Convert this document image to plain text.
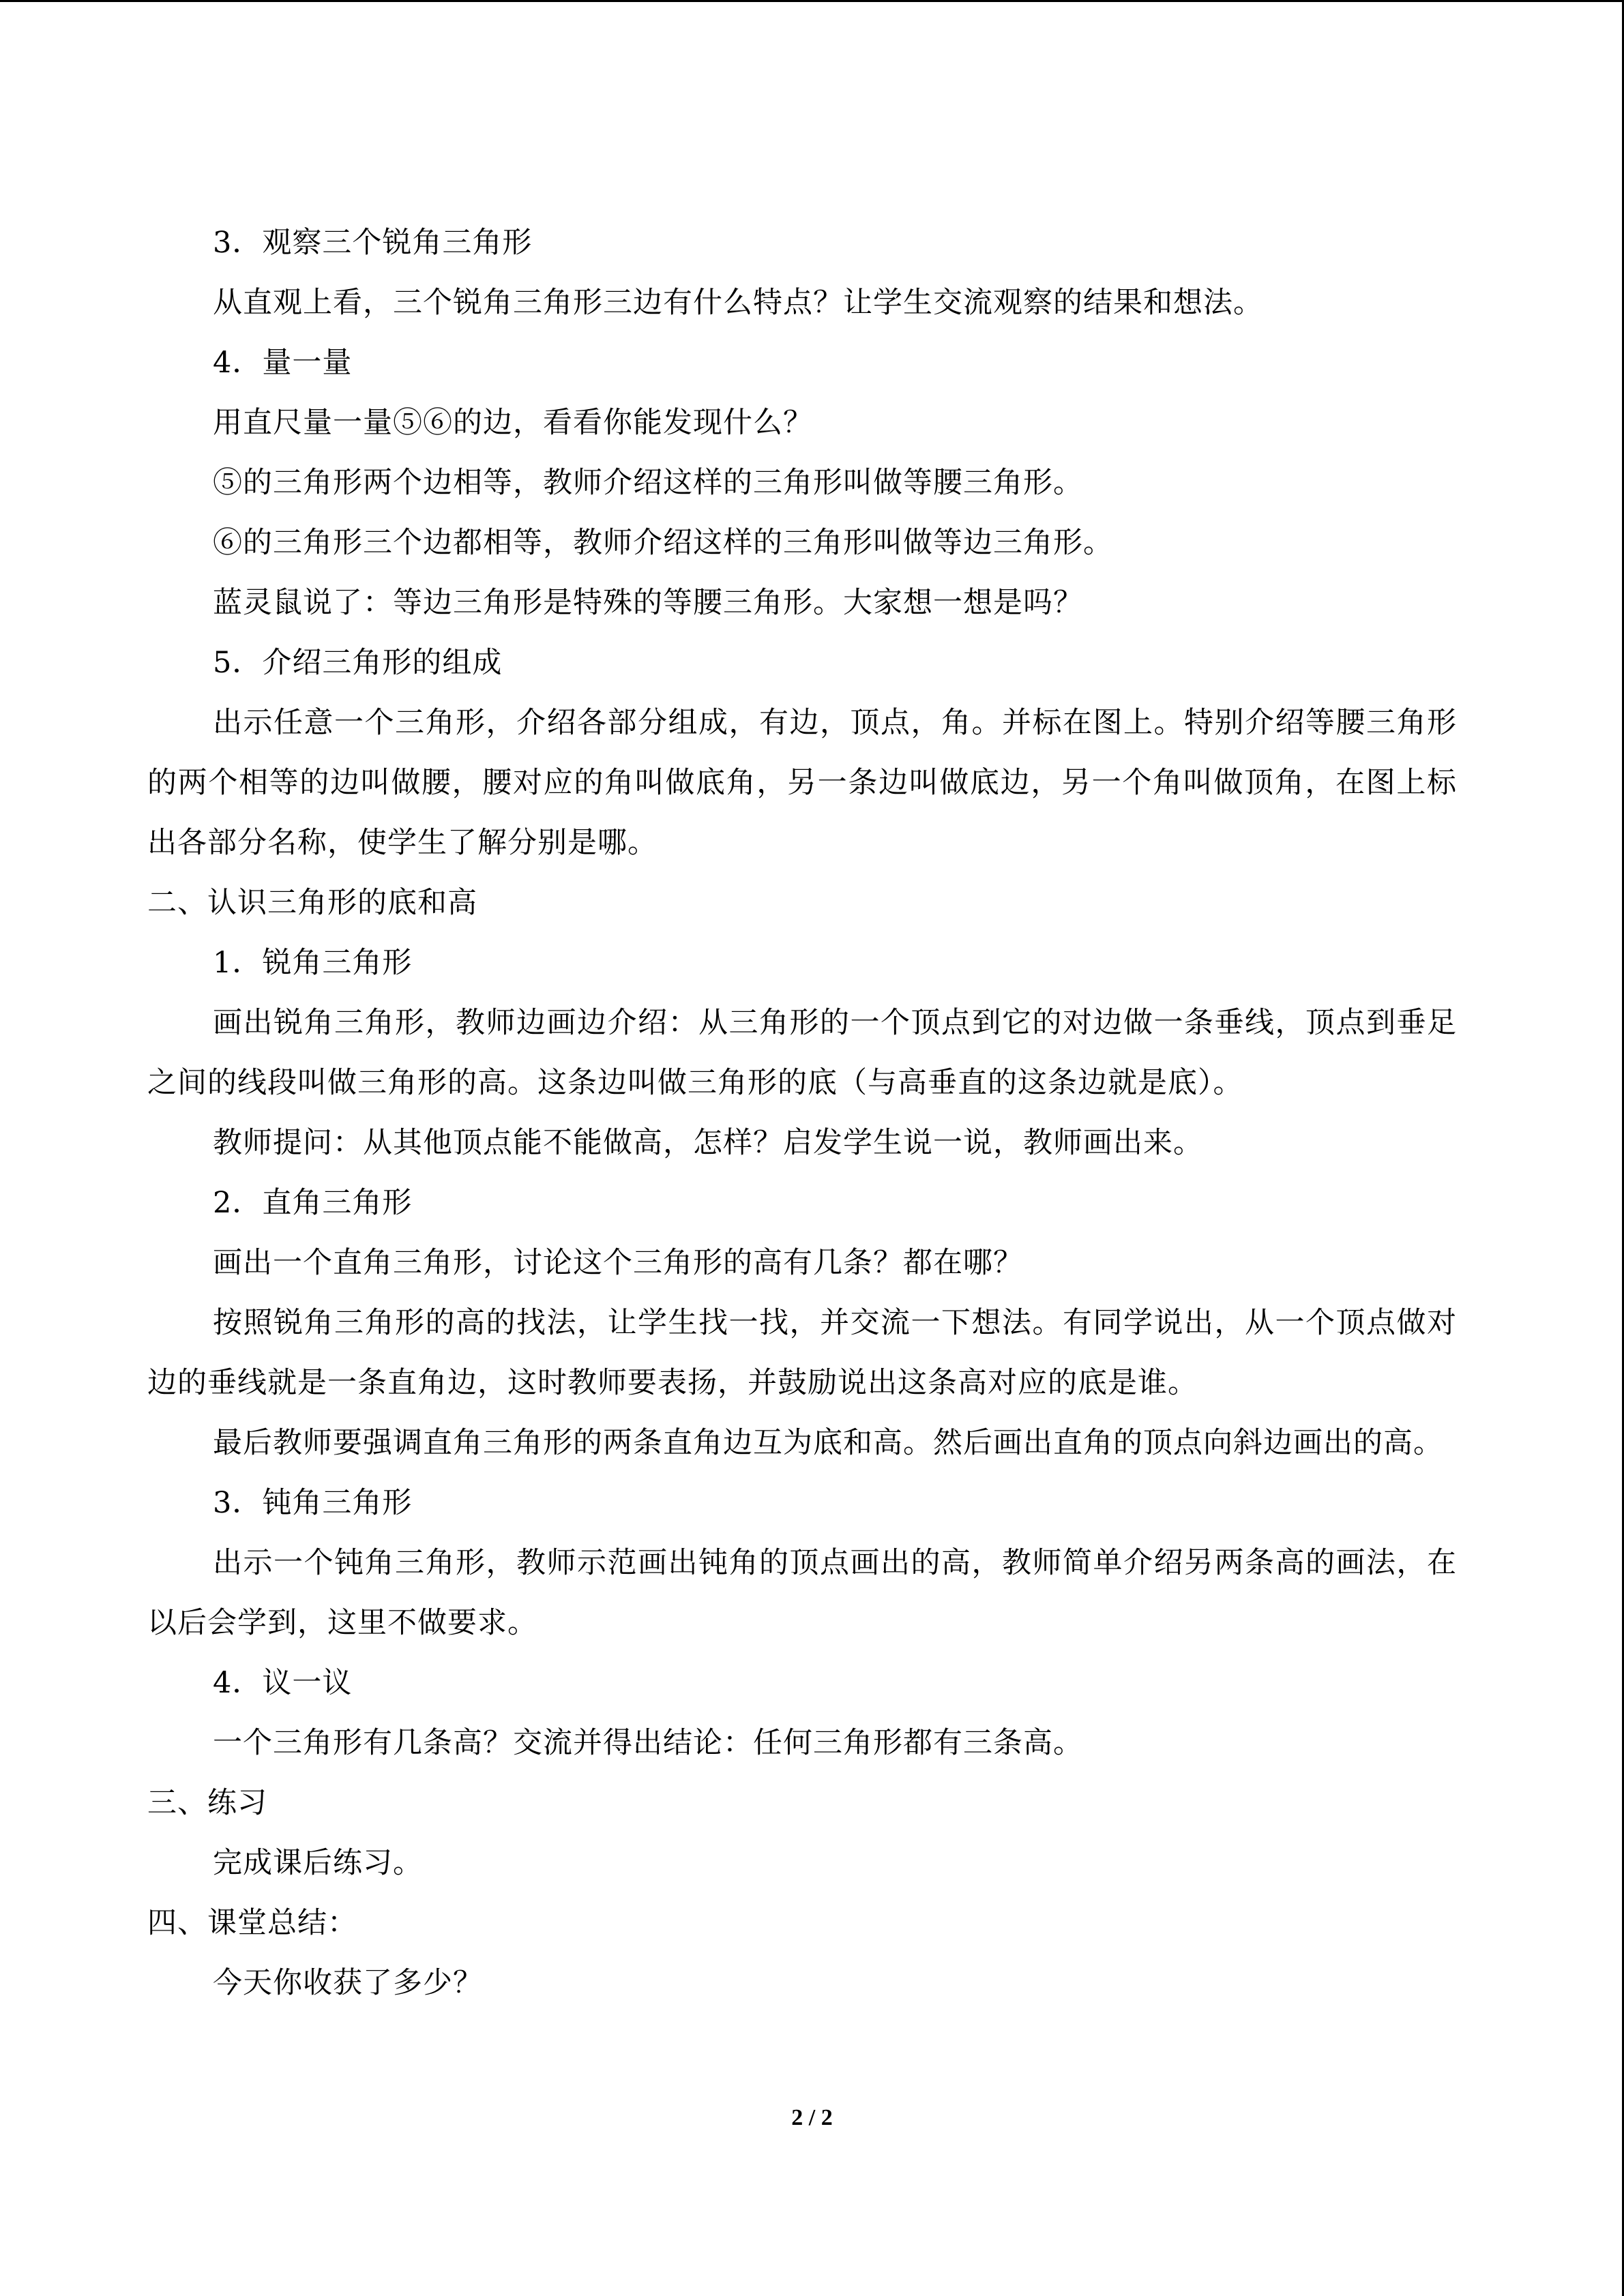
3．观察三个锐角三角形
从直观上看，三个锐角三角形三边有什么特点？让学生交流观察的结果和想法。
4．量一量
用直尺量一量⑤⑥的边，看看你能发现什么？
⑤的三角形两个边相等，教师介绍这样的三角形叫做等腰三角形。
⑥的三角形三个边都相等，教师介绍这样的三角形叫做等边三角形。
蓝灵鼠说了：等边三角形是特殊的等腰三角形。大家想一想是吗？
5．介绍三角形的组成
出示任意一个三角形，介绍各部分组成，有边，顶点，角。并标在图上。特别介绍等腰三角形的两个相等的边叫做腰，腰对应的角叫做底角，另一条边叫做底边，另一个角叫做顶角，在图上标出各部分名称，使学生了解分别是哪。
二、认识三角形的底和高
1．锐角三角形
画出锐角三角形，教师边画边介绍：从三角形的一个顶点到它的对边做一条垂线，顶点到垂足之间的线段叫做三角形的高。这条边叫做三角形的底（与高垂直的这条边就是底）。
教师提问：从其他顶点能不能做高，怎样？启发学生说一说，教师画出来。
2．直角三角形
画出一个直角三角形，讨论这个三角形的高有几条？都在哪？
按照锐角三角形的高的找法，让学生找一找，并交流一下想法。有同学说出，从一个顶点做对边的垂线就是一条直角边，这时教师要表扬，并鼓励说出这条高对应的底是谁。
最后教师要强调直角三角形的两条直角边互为底和高。然后画出直角的顶点向斜边画出的高。
3．钝角三角形
出示一个钝角三角形，教师示范画出钝角的顶点画出的高，教师简单介绍另两条高的画法，在以后会学到，这里不做要求。
4．议一议
一个三角形有几条高？交流并得出结论：任何三角形都有三条高。
三、练习
完成课后练习。
四、课堂总结：
今天你收获了多少？
2 / 2
